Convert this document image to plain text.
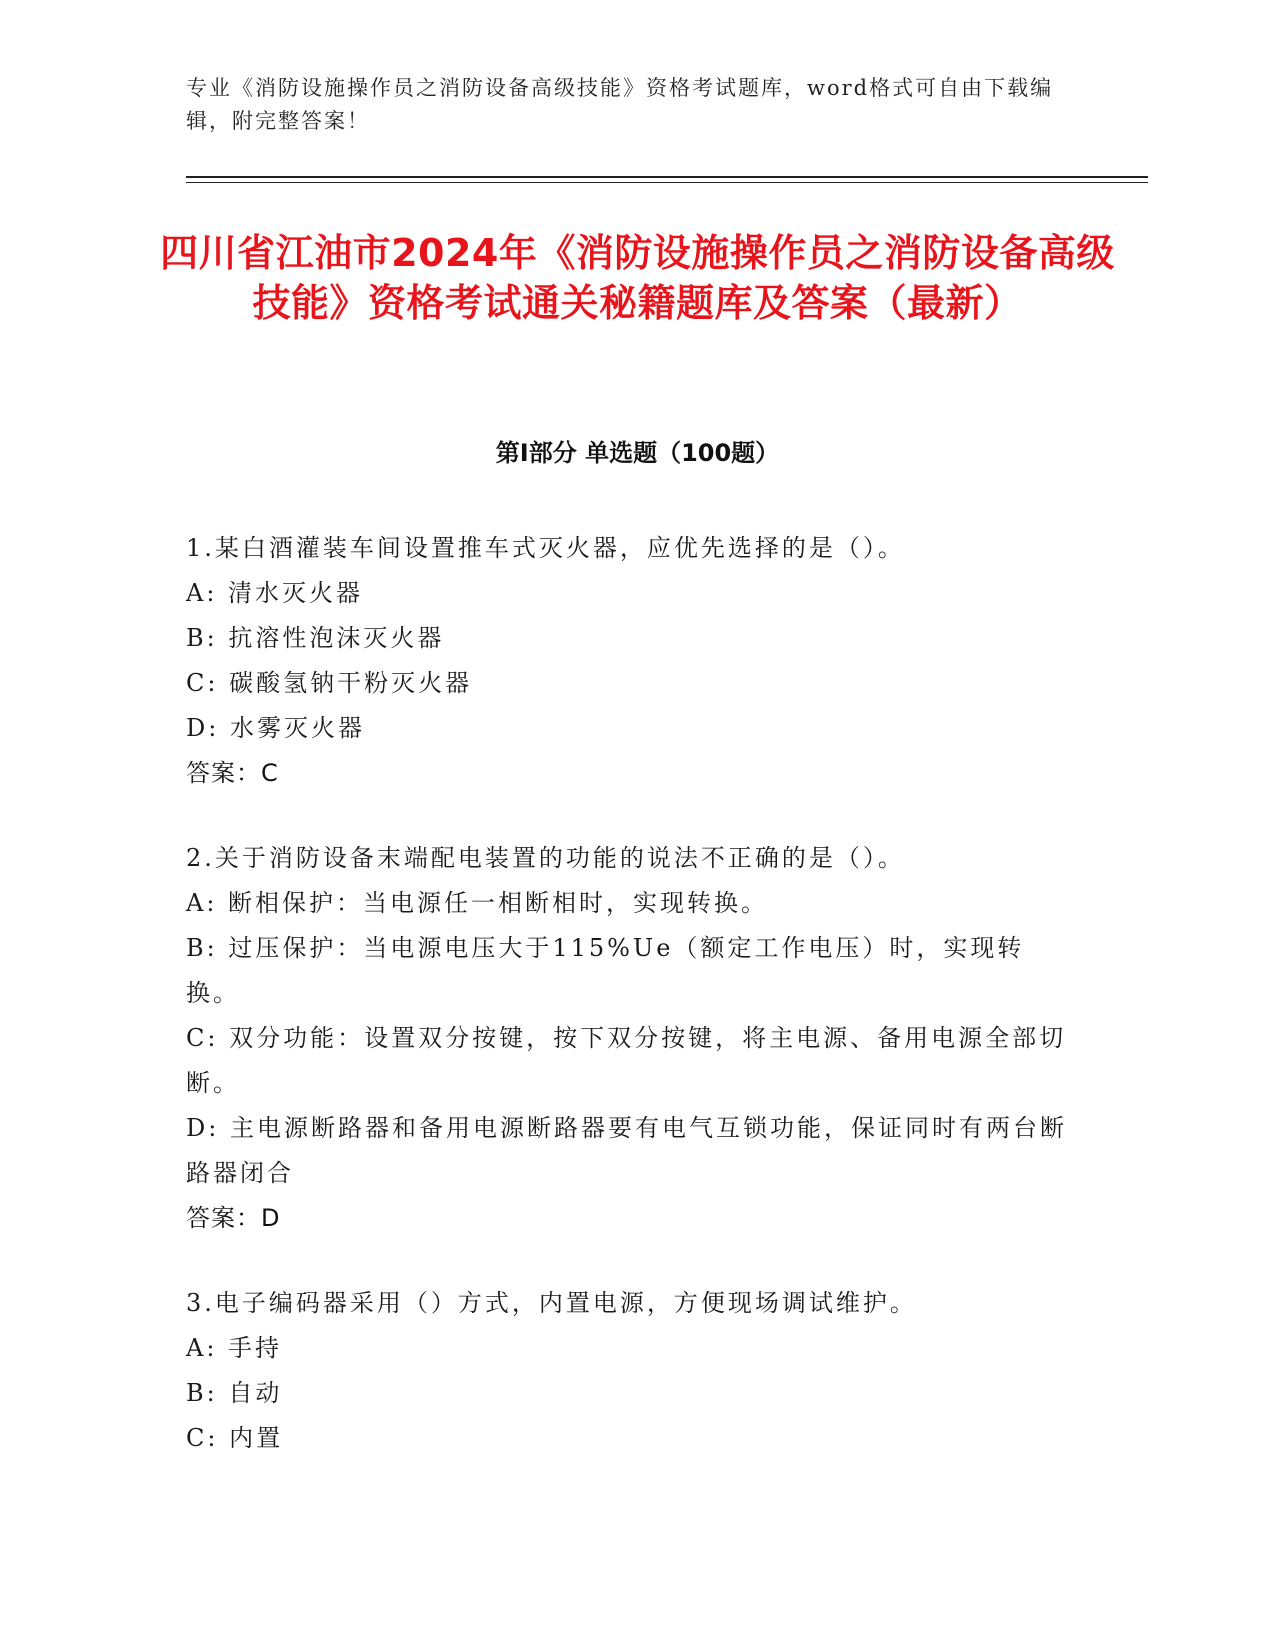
专业《消防设施操作员之消防设备高级技能》资格考试题库，word格式可自由下载编辑，附完整答案！
四川省江油市2024年《消防设施操作员之消防设备高级技能》资格考试通关秘籍题库及答案（最新）
第I部分 单选题（100题）
1.某白酒灌装车间设置推车式灭火器，应优先选择的是（）。
A: 清水灭火器
B: 抗溶性泡沫灭火器
C: 碳酸氢钠干粉灭火器
D: 水雾灭火器
答案：C
2.关于消防设备末端配电装置的功能的说法不正确的是（）。
A: 断相保护：当电源任一相断相时，实现转换。
B: 过压保护：当电源电压大于115%Ue（额定工作电压）时，实现转换。
C: 双分功能：设置双分按键，按下双分按键，将主电源、备用电源全部切断。
D: 主电源断路器和备用电源断路器要有电气互锁功能，保证同时有两台断路器闭合
答案：D
3.电子编码器采用（）方式，内置电源，方便现场调试维护。
A: 手持
B: 自动
C: 内置
